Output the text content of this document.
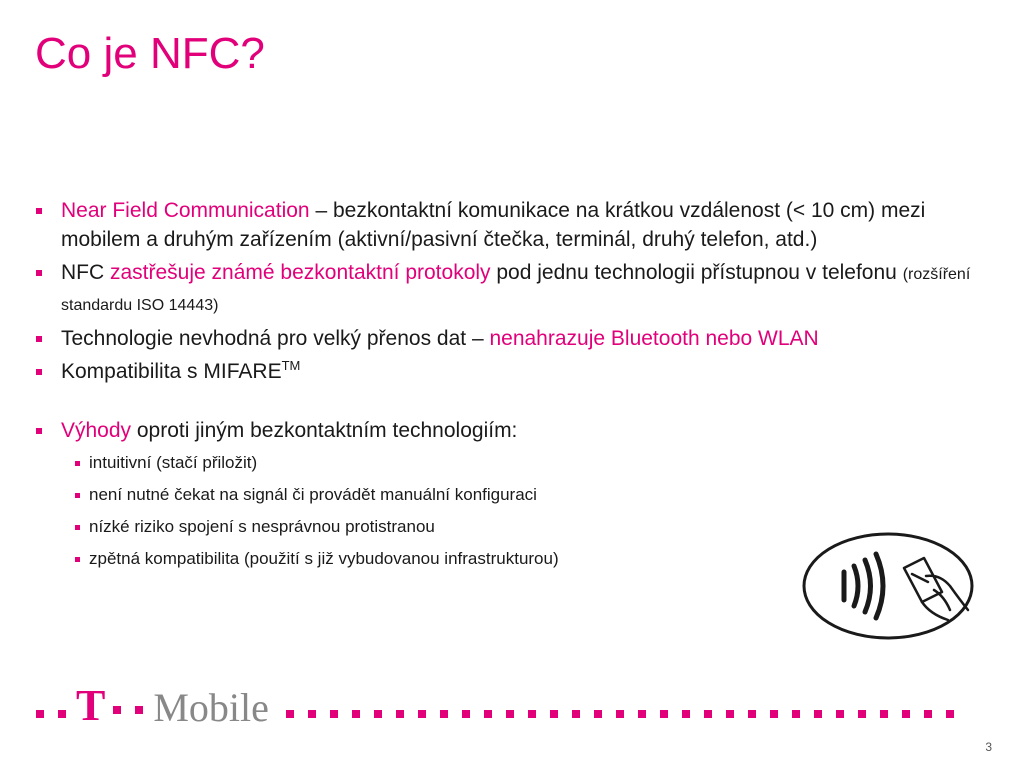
Co je NFC?
Near Field Communication – bezkontaktní komunikace na krátkou vzdálenost (< 10 cm) mezi mobilem a druhým zařízením (aktivní/pasivní čtečka, terminál, druhý telefon, atd.)
NFC zastřešuje známé bezkontaktní protokoly pod jednu technologii přístupnou v telefonu (rozšíření standardu ISO 14443)
Technologie nevhodná pro velký přenos dat – nenahrazuje Bluetooth nebo WLAN
Kompatibilita s MIFARE™
Výhody oproti jiným bezkontaktním technologiím:
intuitivní (stačí přiložit)
není nutné čekat na signál či provádět manuální konfiguraci
nízké riziko spojení s nesprávnou protistranou
zpětná kompatibilita (použití s již vybudovanou infrastrukturou)
T Mobile
3
